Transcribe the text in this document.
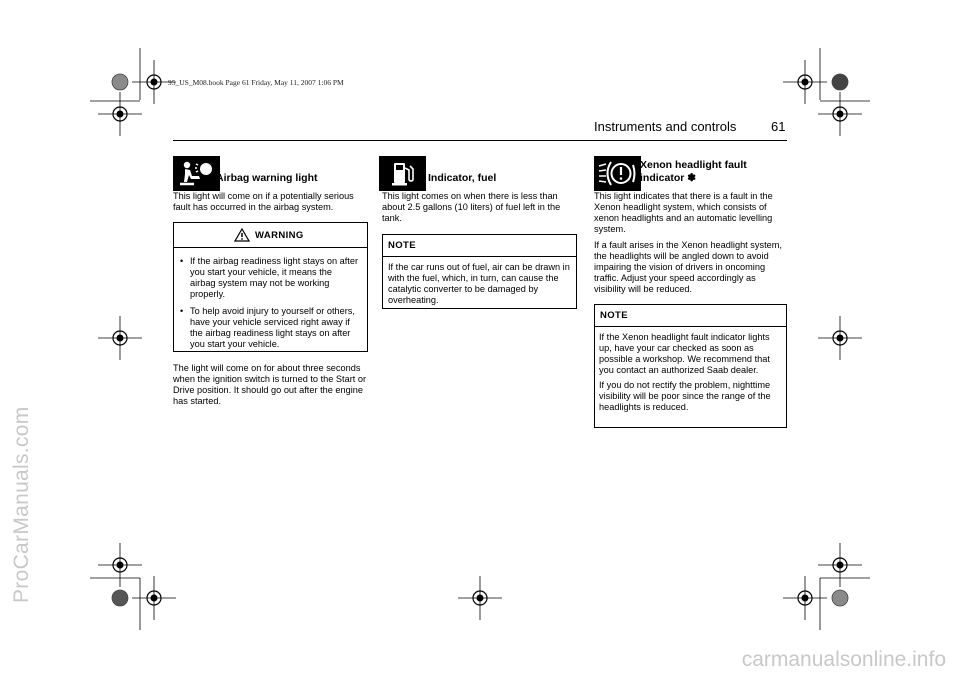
ProCarManuals.com
carmanualsonline.info
95_US_M08.book Page 61 Friday, May 11, 2007 1:06 PM
Instruments and controls	61
Airbag warning light
This light will come on if a potentially serious fault has occurred in the airbag system.
WARNING
• If the airbag readiness light stays on after you start your vehicle, it means the airbag system may not be working properly.
• To help avoid injury to yourself or others, have your vehicle serviced right away if the airbag readiness light stays on after you start your vehicle.
The light will come on for about three seconds when the ignition switch is turned to the Start or Drive position. It should go out after the engine has started.
Indicator, fuel
This light comes on when there is less than about 2.5 gallons (10 liters) of fuel left in the tank.
NOTE
If the car runs out of fuel, air can be drawn in with the fuel, which, in turn, can cause the catalytic converter to be damaged by overheating.
Xenon headlight fault
indicator ✽

This light indicates that there is a fault in the Xenon headlight system, which consists of xenon headlights and an automatic levelling system.

If a fault arises in the Xenon headlight system, the headlights will be angled down to avoid impairing the vision of drivers in oncoming traffic. Adjust your speed accordingly as visibility will be reduced.

NOTE

If the Xenon headlight fault indicator lights up, have your car checked as soon as possible a workshop. We recommend that you contact an authorized Saab dealer.

If you do not rectify the problem, nighttime visibility will be poor since the range of the headlights is reduced.
